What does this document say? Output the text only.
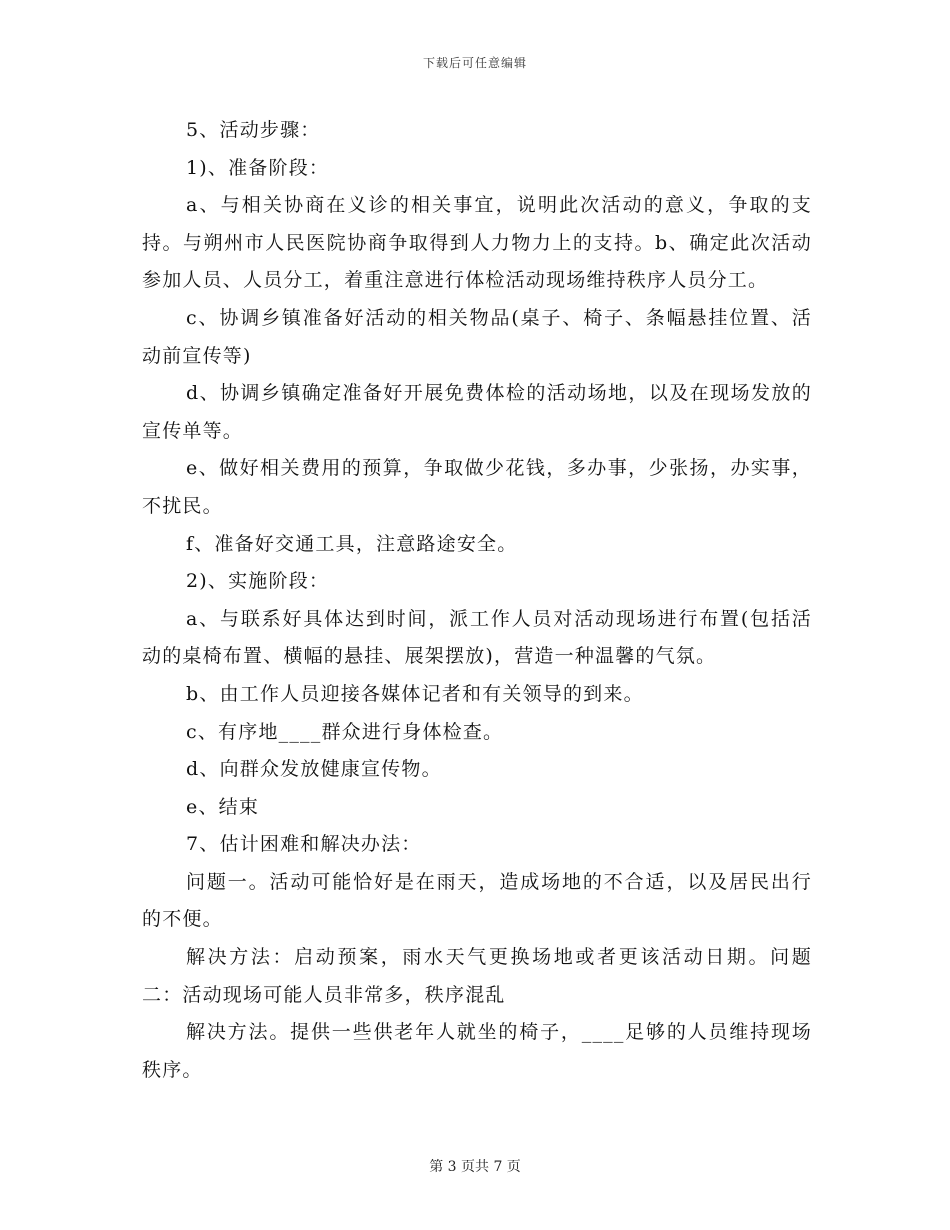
下载后可任意编辑

5、活动步骤：

1)、准备阶段：

a、与相关协商在义诊的相关事宜，说明此次活动的意义，争取的支持。与朔州市人民医院协商争取得到人力物力上的支持。b、确定此次活动参加人员、人员分工，着重注意进行体检活动现场维持秩序人员分工。

c、协调乡镇准备好活动的相关物品(桌子、椅子、条幅悬挂位置、活动前宣传等)

d、协调乡镇确定准备好开展免费体检的活动场地，以及在现场发放的宣传单等。

e、做好相关费用的预算，争取做少花钱，多办事，少张扬，办实事，不扰民。

f、准备好交通工具，注意路途安全。

2)、实施阶段：

a、与联系好具体达到时间，派工作人员对活动现场进行布置(包括活动的桌椅布置、横幅的悬挂、展架摆放)，营造一种温馨的气氛。

b、由工作人员迎接各媒体记者和有关领导的到来。

c、有序地____群众进行身体检查。

d、向群众发放健康宣传物。

e、结束

7、估计困难和解决办法：

问题一。活动可能恰好是在雨天，造成场地的不合适，以及居民出行的不便。

解决方法：启动预案，雨水天气更换场地或者更该活动日期。问题二：活动现场可能人员非常多，秩序混乱

解决方法。提供一些供老年人就坐的椅子，____足够的人员维持现场秩序。

第 3 页共 7 页
